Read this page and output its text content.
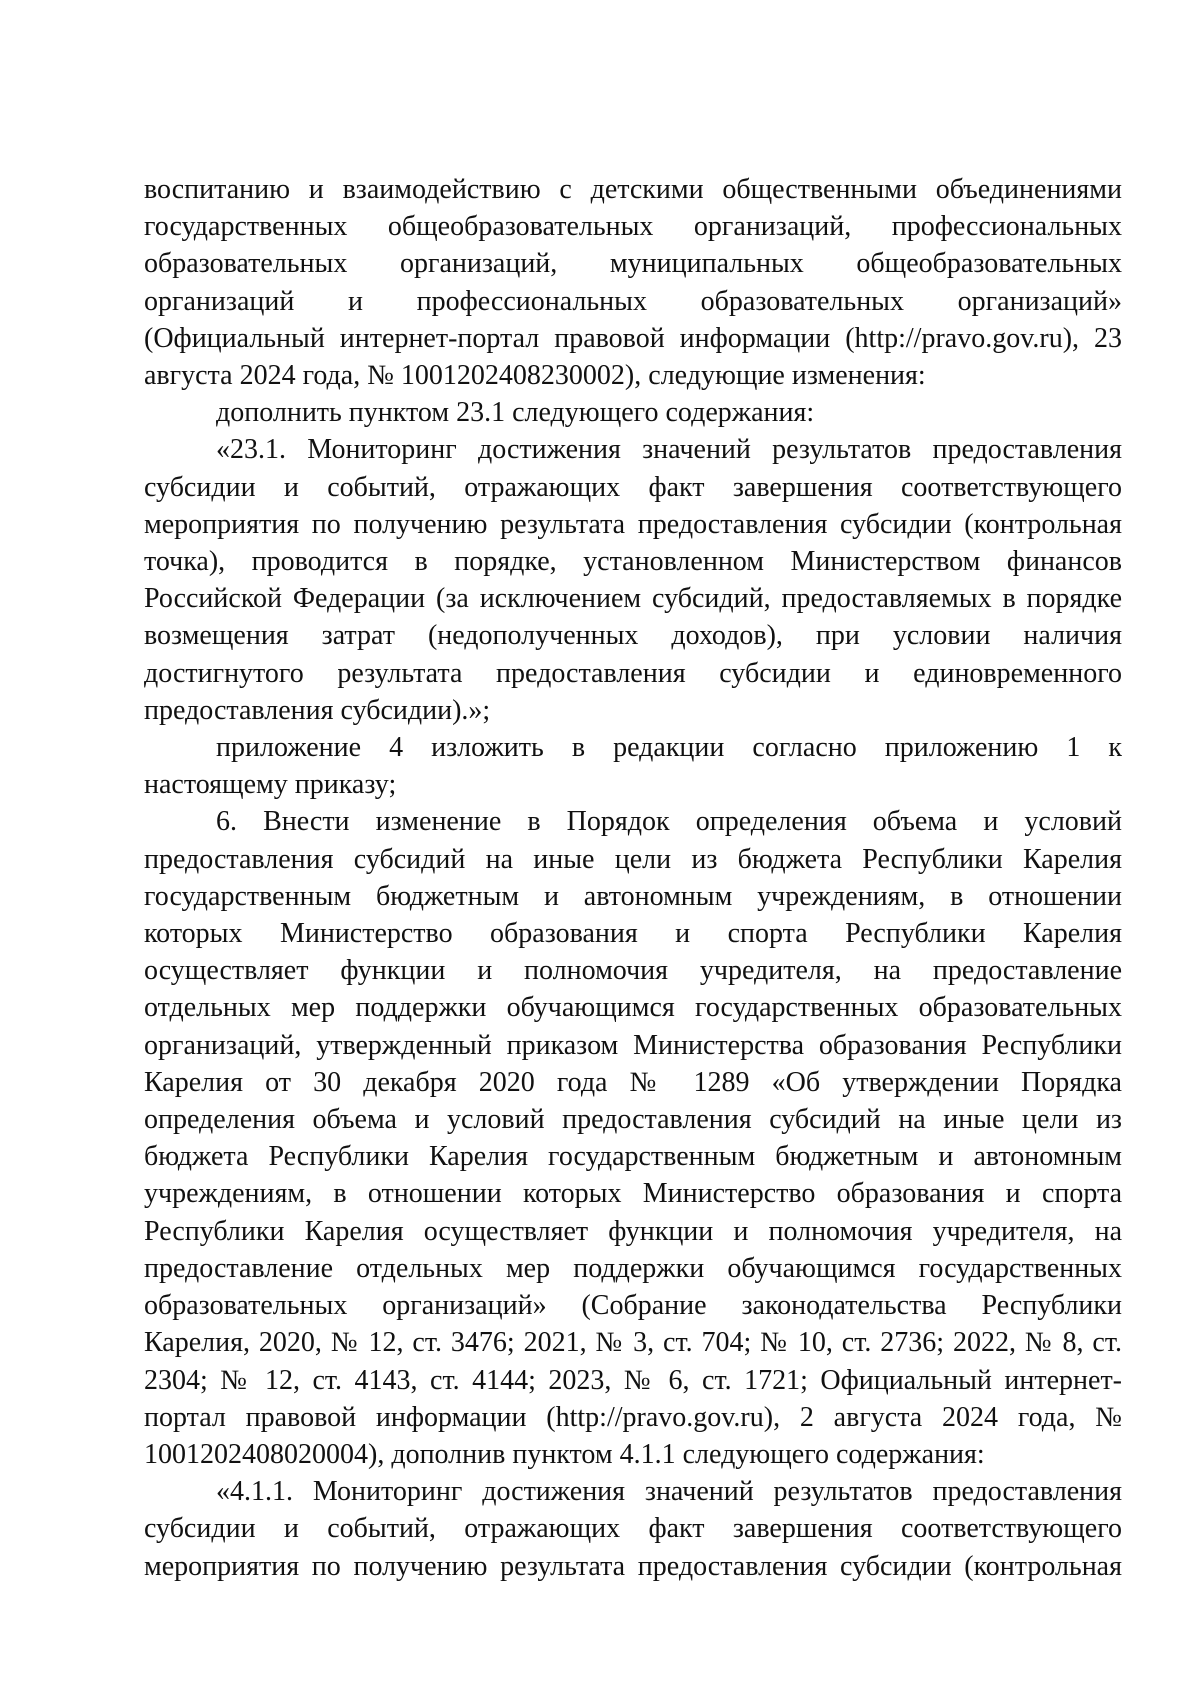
воспитанию и взаимодействию с детскими общественными объединениями
государственных общеобразовательных организаций, профессиональных
образовательных организаций, муниципальных общеобразовательных
организаций и профессиональных образовательных организаций»
(Официальный интернет-портал правовой информации (http://pravo.gov.ru), 23
августа 2024 года, № 1001202408230002), следующие изменения:
дополнить пунктом 23.1 следующего содержания:
«23.1. Мониторинг достижения значений результатов предоставления
субсидии и событий, отражающих факт завершения соответствующего
мероприятия по получению результата предоставления субсидии (контрольная
точка), проводится в порядке, установленном Министерством финансов
Российской Федерации (за исключением субсидий, предоставляемых в порядке
возмещения затрат (недополученных доходов), при условии наличия
достигнутого результата предоставления субсидии и единовременного
предоставления субсидии).»;
приложение 4 изложить в редакции согласно приложению 1 к
настоящему приказу;
6. Внести изменение в Порядок определения объема и условий
предоставления субсидий на иные цели из бюджета Республики Карелия
государственным бюджетным и автономным учреждениям, в отношении
которых Министерство образования и спорта Республики Карелия
осуществляет функции и полномочия учредителя, на предоставление
отдельных мер поддержки обучающимся государственных образовательных
организаций, утвержденный приказом Министерства образования Республики
Карелия от 30 декабря 2020 года № 1289 «Об утверждении Порядка
определения объема и условий предоставления субсидий на иные цели из
бюджета Республики Карелия государственным бюджетным и автономным
учреждениям, в отношении которых Министерство образования и спорта
Республики Карелия осуществляет функции и полномочия учредителя, на
предоставление отдельных мер поддержки обучающимся государственных
образовательных организаций» (Собрание законодательства Республики
Карелия, 2020, № 12, ст. 3476; 2021, № 3, ст. 704; № 10, ст. 2736; 2022, № 8, ст.
2304; № 12, ст. 4143, ст. 4144; 2023, № 6, ст. 1721; Официальный интернет-
портал правовой информации (http://pravo.gov.ru), 2 августа 2024 года, №
1001202408020004), дополнив пунктом 4.1.1 следующего содержания:
«4.1.1. Мониторинг достижения значений результатов предоставления
субсидии и событий, отражающих факт завершения соответствующего
мероприятия по получению результата предоставления субсидии (контрольная
